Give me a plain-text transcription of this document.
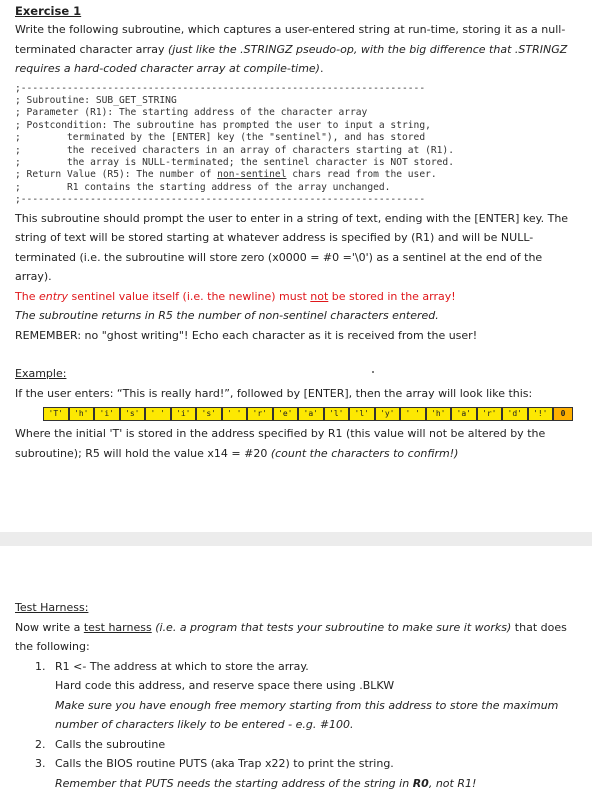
Exercise 1
Write the following subroutine, which captures a user-entered string at run-time, storing it as a null-terminated character array (just like the .STRINGZ pseudo-op, with the big difference that .STRINGZ requires a hard-coded character array at compile-time).
;----------------------------------------------------------------------
; Subroutine: SUB_GET_STRING
; Parameter (R1): The starting address of the character array
; Postcondition: The subroutine has prompted the user to input a string,
;        terminated by the [ENTER] key (the "sentinel"), and has stored
;        the received characters in an array of characters starting at (R1).
;        the array is NULL-terminated; the sentinel character is NOT stored.
; Return Value (R5): The number of non-sentinel chars read from the user.
;        R1 contains the starting address of the array unchanged.
;----------------------------------------------------------------------
This subroutine should prompt the user to enter in a string of text, ending with the [ENTER] key. The string of text will be stored starting at whatever address is specified by (R1) and will be NULL-terminated (i.e. the subroutine will store zero (x0000 = #0 ='\0') as a sentinel at the end of the array).
The entry sentinel value itself (i.e. the newline) must not be stored in the array!
The subroutine returns in R5 the number of non-sentinel characters entered.
REMEMBER: no "ghost writing"! Echo each character as it is received from the user!
Example:
If the user enters: “This is really hard!”, followed by [ENTER], then the array will look like this:
'T'	'h'	'i'	's'	' '	'i'	's'	' '	'r'	'e'	'a'	'l'	'l'	'y'	' '	'h'	'a'	'r'	'd'	'!'	0
Where the initial 'T' is stored in the address specified by R1 (this value will not be altered by the subroutine); R5 will hold the value x14 = #20 (count the characters to confirm!)
Test Harness:
Now write a test harness (i.e. a program that tests your subroutine to make sure it works) that does the following:
1. R1 <- The address at which to store the array.
Hard code this address, and reserve space there using .BLKW
Make sure you have enough free memory starting from this address to store the maximum number of characters likely to be entered - e.g. #100.
2. Calls the subroutine
3. Calls the BIOS routine PUTS (aka Trap x22) to print the string.
Remember that PUTS needs the starting address of the string in R0, not R1!
